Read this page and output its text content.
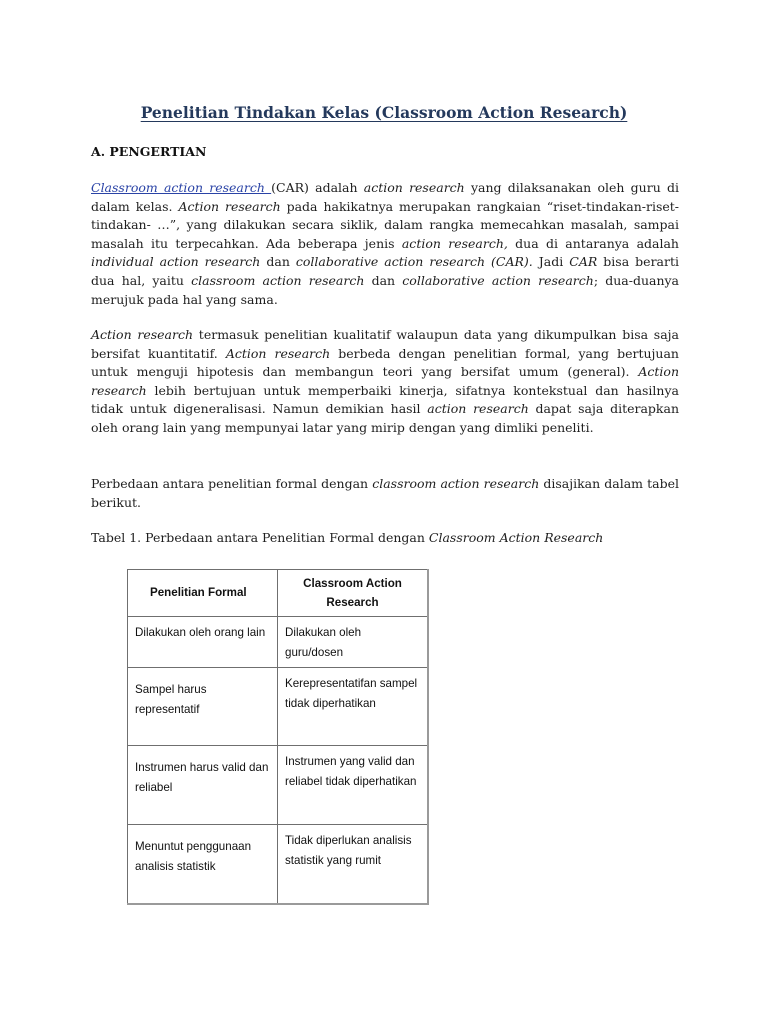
Penelitian Tindakan Kelas (Classroom Action Research)
A. PENGERTIAN

Classroom action research (CAR) adalah action research yang dilaksanakan oleh guru di dalam kelas. Action research pada hakikatnya merupakan rangkaian “riset-tindakan-riset-tindakan- …”, yang dilakukan secara siklik, dalam rangka memecahkan masalah, sampai masalah itu terpecahkan. Ada beberapa jenis action research, dua di antaranya adalah individual action research dan collaborative action research (CAR). Jadi CAR bisa berarti dua hal, yaitu classroom action research dan collaborative action research; dua-duanya merujuk pada hal yang sama.

Action research termasuk penelitian kualitatif walaupun data yang dikumpulkan bisa saja bersifat kuantitatif. Action research berbeda dengan penelitian formal, yang bertujuan untuk menguji hipotesis dan membangun teori yang bersifat umum (general). Action research lebih bertujuan untuk memperbaiki kinerja, sifatnya kontekstual dan hasilnya tidak untuk digeneralisasi. Namun demikian hasil action research dapat saja diterapkan oleh orang lain yang mempunyai latar yang mirip dengan yang dimliki peneliti.

Perbedaan antara penelitian formal dengan classroom action research disajikan dalam tabel berikut.

Tabel 1. Perbedaan antara Penelitian Formal dengan Classroom Action Research

Penelitian Formal	Classroom Action Research
Dilakukan oleh orang lain	Dilakukan oleh guru/dosen
Sampel harus representatif	Kerepresentatifan sampel tidak diperhatikan
Instrumen harus valid dan reliabel	Instrumen yang valid dan reliabel tidak diperhatikan
Menuntut penggunaan analisis statistik	Tidak diperlukan analisis statistik yang rumit
